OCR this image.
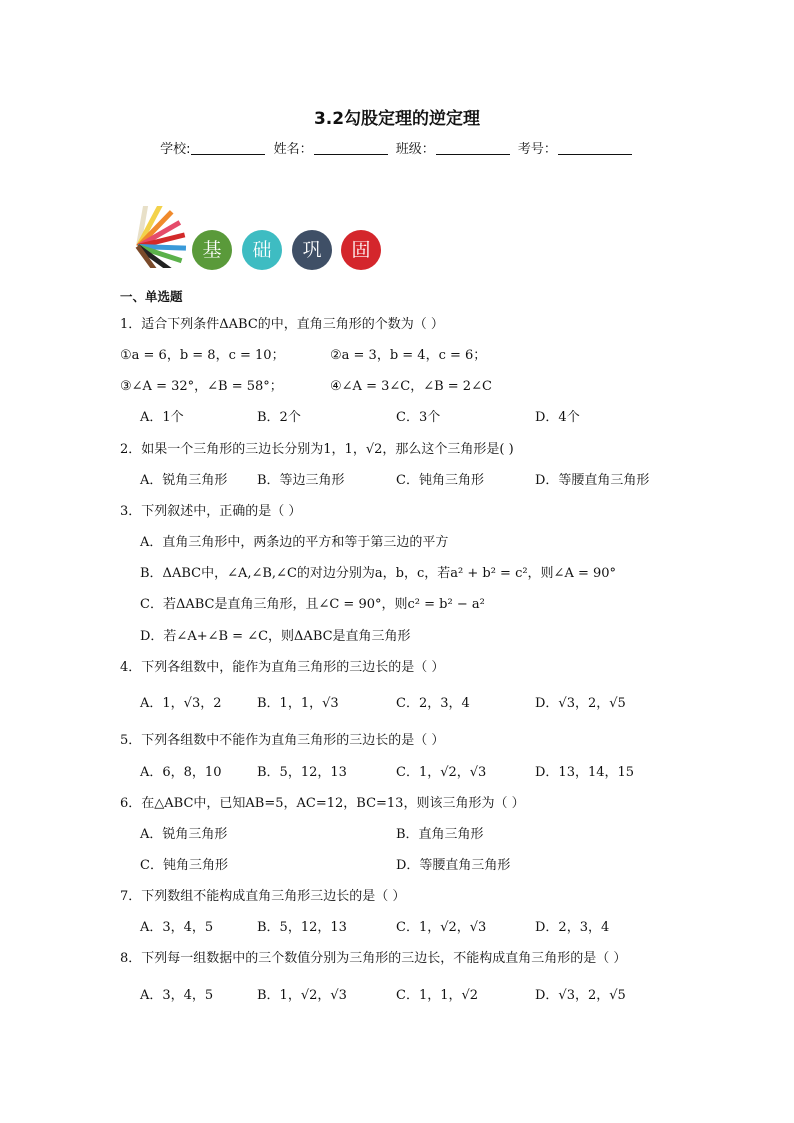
3.2勾股定理的逆定理
学校:	姓名：	班级：	考号：
基	础	巩	固
一、单选题
1．适合下列条件ΔABC的中，直角三角形的个数为（ ）
①a = 6，b = 8，c = 10；	②a = 3，b = 4，c = 6；
③∠A = 32°，∠B = 58°；	④∠A = 3∠C，∠B = 2∠C
A．1个	B．2个	C．3个	D．4个
2．如果一个三角形的三边长分别为1，1，√2，那么这个三角形是( )
A．锐角三角形 B．等边三角形	C．钝角三角形	D．等腰直角三角形
3．下列叙述中，正确的是（ ）
A．直角三角形中，两条边的平方和等于第三边的平方
B．ΔABC中，∠A,∠B,∠C的对边分别为a，b，c，若a² + b² = c²，则∠A = 90°
C．若ΔABC是直角三角形，且∠C = 90°，则c² = b² − a²
D．若∠A+∠B = ∠C，则ΔABC是直角三角形
4．下列各组数中，能作为直角三角形的三边长的是（ ）
A．1，√3，2	B．1，1，√3	C．2，3，4	D．√3，2，√5
5．下列各组数中不能作为直角三角形的三边长的是（ ）
A．6，8，10	B．5，12，13	C．1，√2，√3	D．13，14，15
6．在△ABC中，已知AB=5，AC=12，BC=13，则该三角形为（ ）
A．锐角三角形	B．直角三角形
C．钝角三角形	D．等腰直角三角形
7．下列数组不能构成直角三角形三边长的是（ ）
A．3，4，5	B．5，12，13	C．1，√2，√3	D．2，3，4
8．下列每一组数据中的三个数值分别为三角形的三边长，不能构成直角三角形的是（ ）
A．3，4，5	B．1，√2，√3	C．1，1，√2	D．√3，2，√5
